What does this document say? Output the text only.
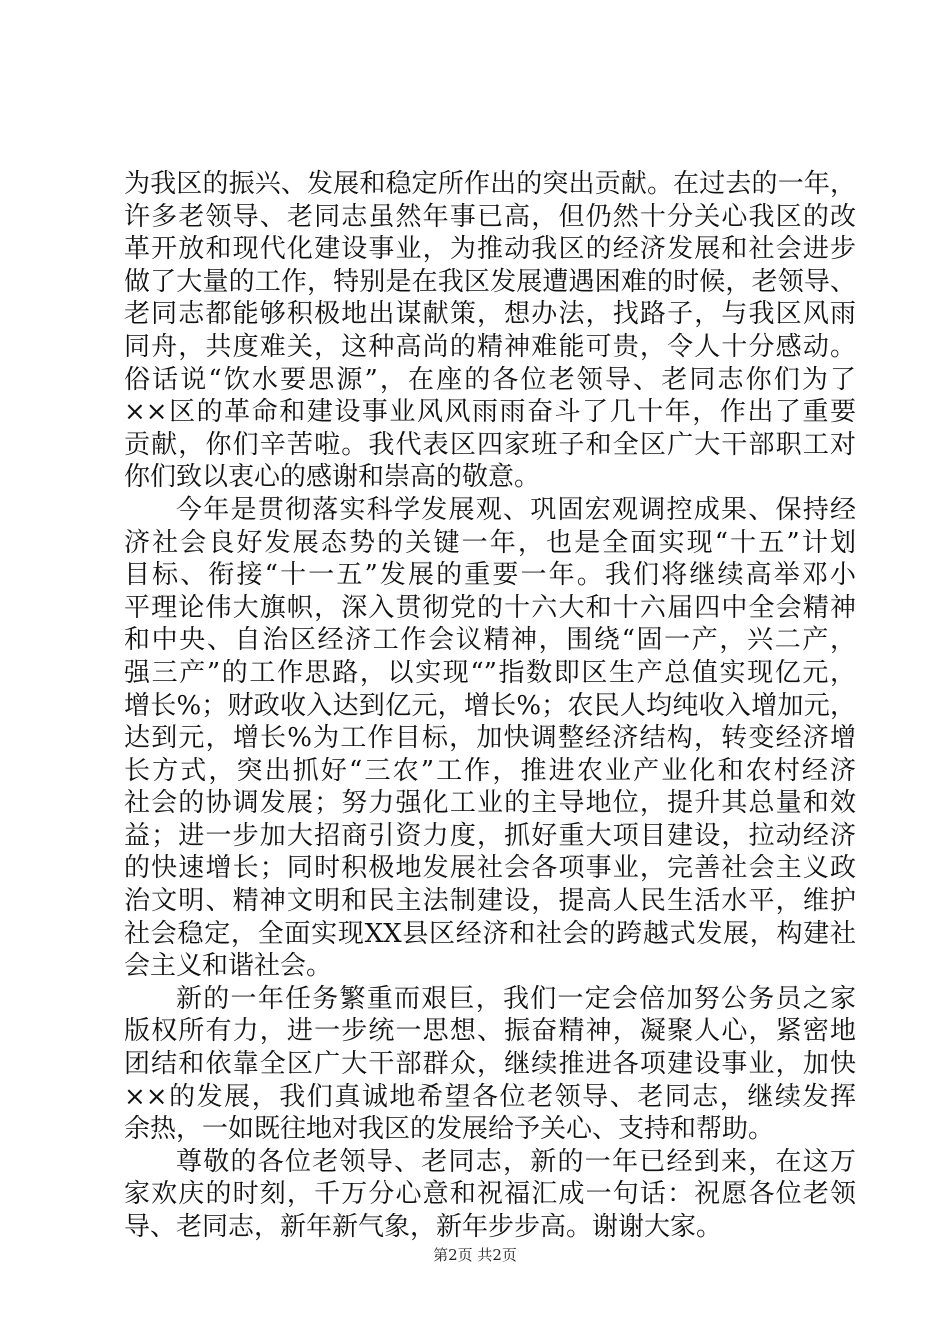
为我区的振兴、发展和稳定所作出的突出贡献。在过去的一年，
许多老领导、老同志虽然年事已高，但仍然十分关心我区的改
革开放和现代化建设事业，为推动我区的经济发展和社会进步
做了大量的工作，特别是在我区发展遭遇困难的时候，老领导、
老同志都能够积极地出谋献策，想办法，找路子，与我区风雨
同舟，共度难关，这种高尚的精神难能可贵，令人十分感动。
俗话说“饮水要思源”，在座的各位老领导、老同志你们为了
××区的革命和建设事业风风雨雨奋斗了几十年，作出了重要
贡献，你们辛苦啦。我代表区四家班子和全区广大干部职工对
你们致以衷心的感谢和崇高的敬意。
今年是贯彻落实科学发展观、巩固宏观调控成果、保持经
济社会良好发展态势的关键一年，也是全面实现“十五”计划
目标、衔接“十一五”发展的重要一年。我们将继续高举邓小
平理论伟大旗帜，深入贯彻党的十六大和十六届四中全会精神
和中央、自治区经济工作会议精神，围绕“固一产，兴二产，
强三产”的工作思路，以实现“”指数即区生产总值实现亿元，
增长%；财政收入达到亿元，增长%；农民人均纯收入增加元，
达到元，增长%为工作目标，加快调整经济结构，转变经济增
长方式，突出抓好“三农”工作，推进农业产业化和农村经济
社会的协调发展；努力强化工业的主导地位，提升其总量和效
益；进一步加大招商引资力度，抓好重大项目建设，拉动经济
的快速增长；同时积极地发展社会各项事业，完善社会主义政
治文明、精神文明和民主法制建设，提高人民生活水平，维护
社会稳定，全面实现XX县区经济和社会的跨越式发展，构建社
会主义和谐社会。
新的一年任务繁重而艰巨，我们一定会倍加努公务员之家
版权所有力，进一步统一思想、振奋精神，凝聚人心，紧密地
团结和依靠全区广大干部群众，继续推进各项建设事业，加快
××的发展，我们真诚地希望各位老领导、老同志，继续发挥
余热，一如既往地对我区的发展给予关心、支持和帮助。
尊敬的各位老领导、老同志，新的一年已经到来，在这万
家欢庆的时刻，千万分心意和祝福汇成一句话：祝愿各位老领
导、老同志，新年新气象，新年步步高。谢谢大家。
第2页 共2页
